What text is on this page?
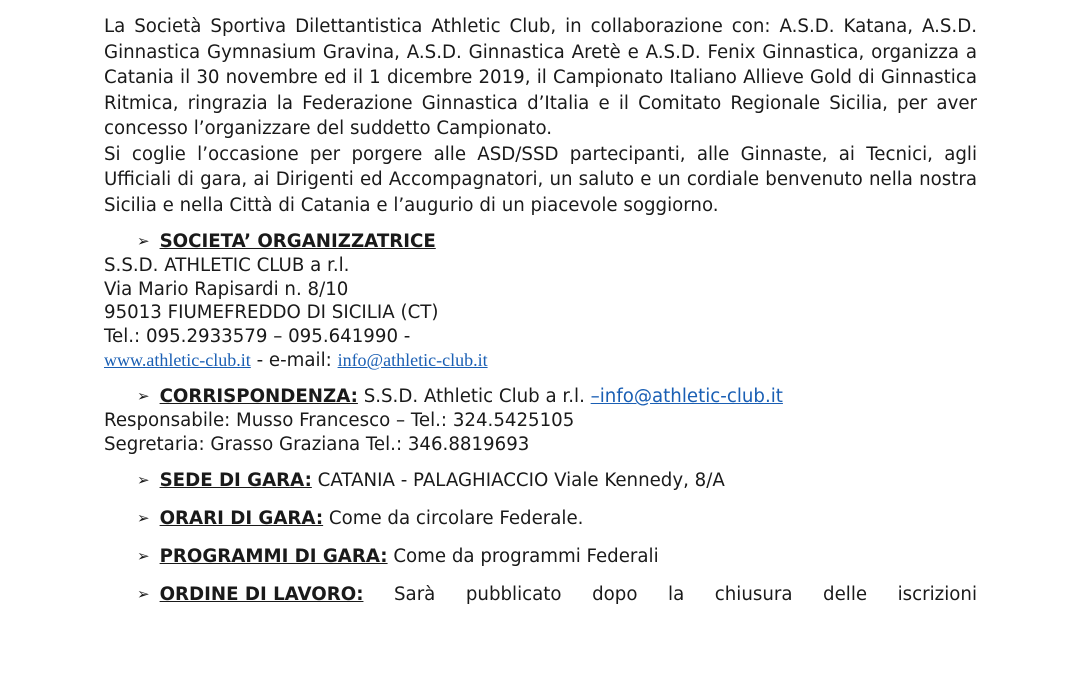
La Società Sportiva Dilettantistica Athletic Club, in collaborazione con: A.S.D. Katana, A.S.D. Ginnastica Gymnasium Gravina, A.S.D. Ginnastica Aretè e A.S.D. Fenix Ginnastica, organizza a Catania il 30 novembre ed il 1 dicembre 2019, il Campionato Italiano Allieve Gold di Ginnastica Ritmica, ringrazia la Federazione Ginnastica d’Italia e il Comitato Regionale Sicilia, per aver concesso l’organizzare del suddetto Campionato.

Si coglie l’occasione per porgere alle ASD/SSD partecipanti, alle Ginnaste, ai Tecnici, agli Ufficiali di gara, ai Dirigenti ed Accompagnatori, un saluto e un cordiale benvenuto nella nostra Sicilia e nella Città di Catania e l’augurio di un piacevole soggiorno.

➢ SOCIETA’ ORGANIZZATRICE

S.S.D. ATHLETIC CLUB a r.l.

Via Mario Rapisardi n. 8/10

95013 FIUMEFREDDO DI SICILIA (CT)

Tel.: 095.2933579 – 095.641990 -

www.athletic-club.it - e-mail: info@athletic-club.it

➢ CORRISPONDENZA: S.S.D. Athletic Club a r.l. –info@athletic-club.it

Responsabile: Musso Francesco – Tel.: 324.5425105

Segretaria: Grasso Graziana Tel.: 346.8819693

➢ SEDE DI GARA: CATANIA - PALAGHIACCIO Viale Kennedy, 8/A

➢ ORARI DI GARA: Come da circolare Federale.

➢ PROGRAMMI DI GARA: Come da programmi Federali

➢ ORDINE DI LAVORO: Sarà pubblicato dopo la chiusura delle iscrizioni
